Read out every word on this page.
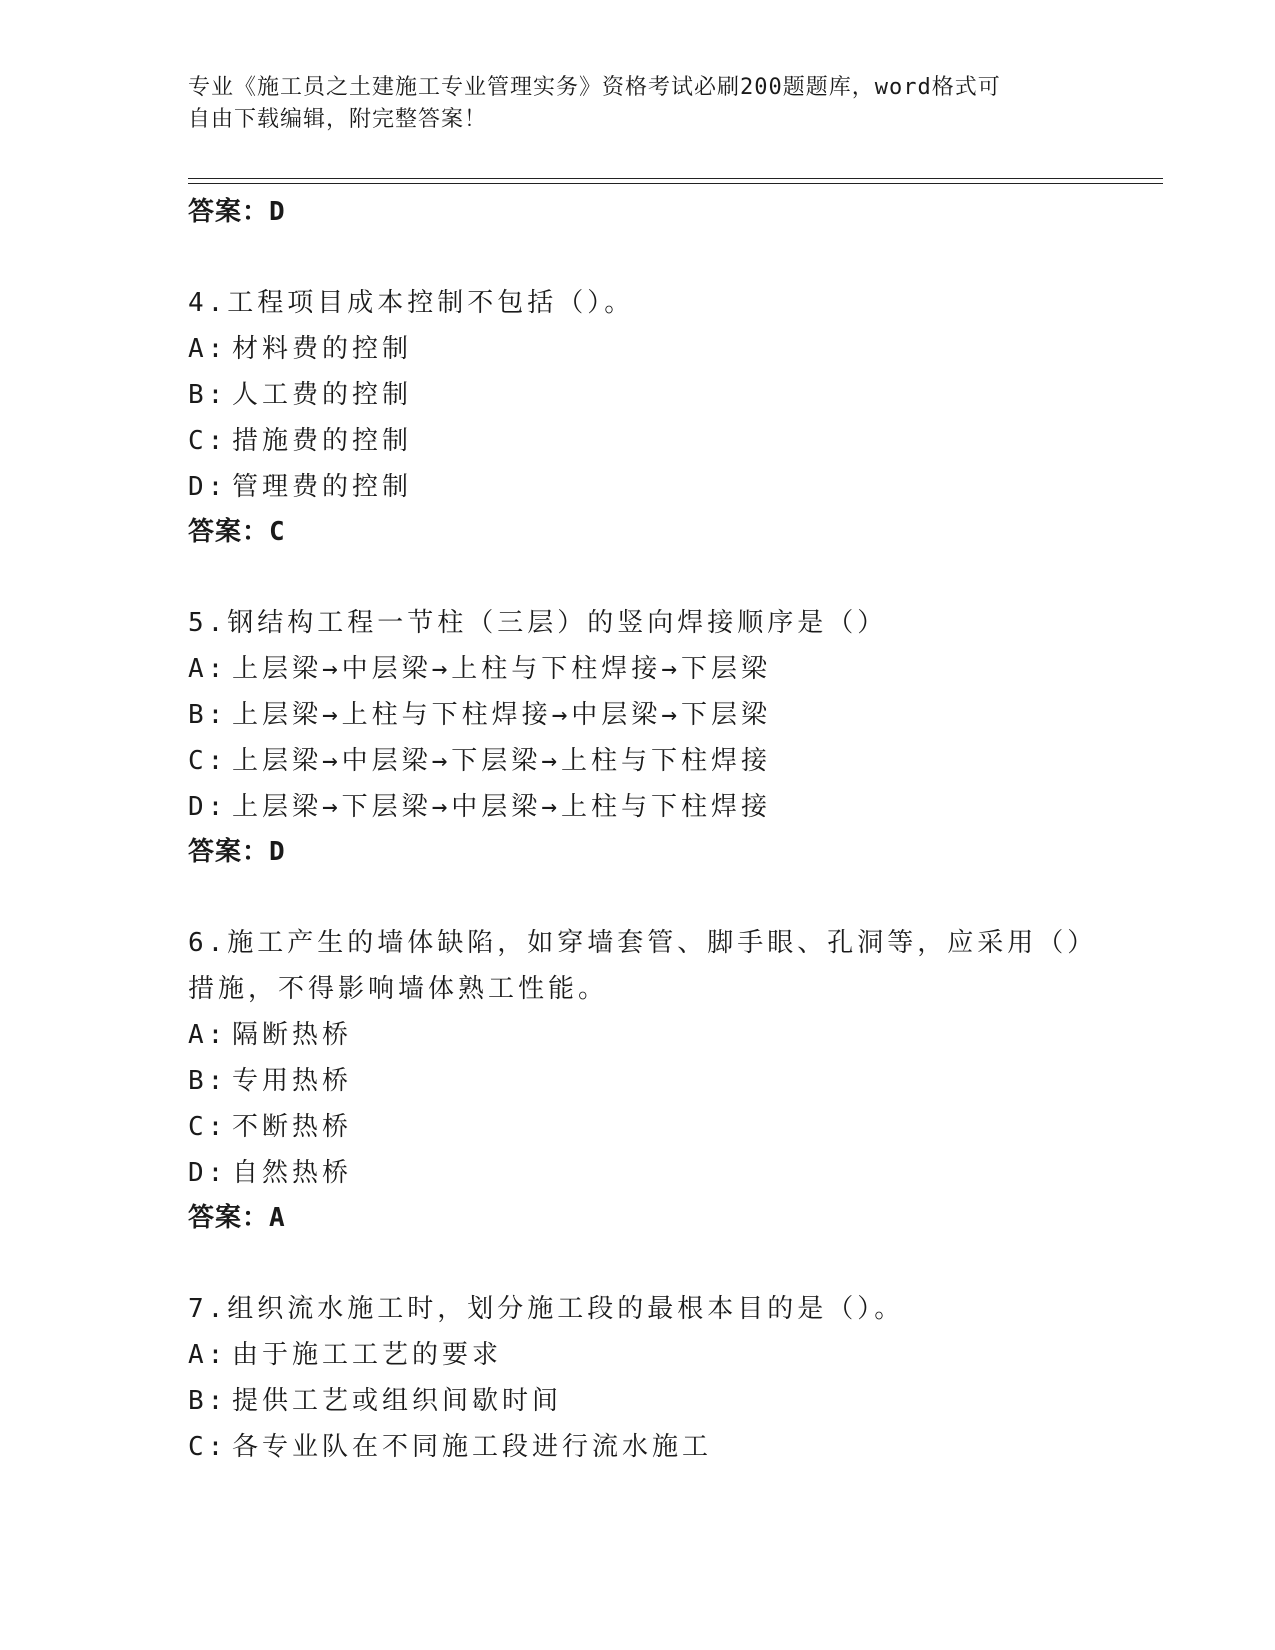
专业《施工员之土建施工专业管理实务》资格考试必刷200题题库，word格式可
自由下载编辑，附完整答案！
答案：D
4.工程项目成本控制不包括（）。
A: 材料费的控制
B: 人工费的控制
C: 措施费的控制
D: 管理费的控制
答案：C
5.钢结构工程一节柱（三层）的竖向焊接顺序是（）
A: 上层梁→中层梁→上柱与下柱焊接→下层梁
B: 上层梁→上柱与下柱焊接→中层梁→下层梁
C: 上层梁→中层梁→下层梁→上柱与下柱焊接
D: 上层梁→下层梁→中层梁→上柱与下柱焊接
答案：D
6.施工产生的墙体缺陷，如穿墙套管、脚手眼、孔洞等，应采用（）
措施，不得影响墙体熟工性能。
A: 隔断热桥
B: 专用热桥
C: 不断热桥
D: 自然热桥
答案：A
7.组织流水施工时，划分施工段的最根本目的是（）。
A: 由于施工工艺的要求
B: 提供工艺或组织间歇时间
C: 各专业队在不同施工段进行流水施工
